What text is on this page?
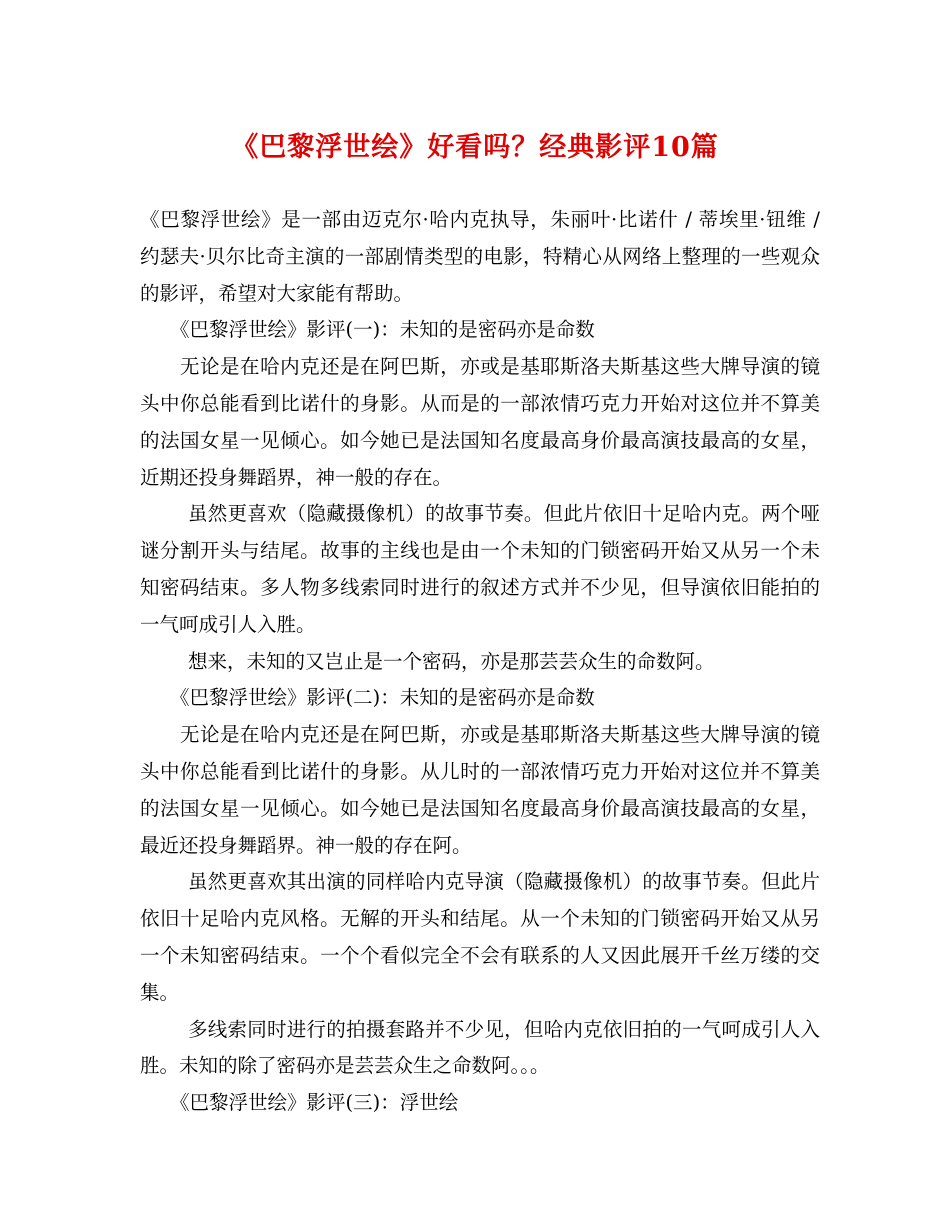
《巴黎浮世绘》好看吗？经典影评10篇

《巴黎浮世绘》是一部由迈克尔·哈内克执导，朱丽叶·比诺什 / 蒂埃里·钮维 / 约瑟夫·贝尔比奇主演的一部剧情类型的电影，特精心从网络上整理的一些观众的影评，希望对大家能有帮助。

《巴黎浮世绘》影评(一)：未知的是密码亦是命数

无论是在哈内克还是在阿巴斯，亦或是基耶斯洛夫斯基这些大牌导演的镜头中你总能看到比诺什的身影。从而是的一部浓情巧克力开始对这位并不算美的法国女星一见倾心。如今她已是法国知名度最高身价最高演技最高的女星，近期还投身舞蹈界，神一般的存在。

虽然更喜欢（隐藏摄像机）的故事节奏。但此片依旧十足哈内克。两个哑谜分割开头与结尾。故事的主线也是由一个未知的门锁密码开始又从另一个未知密码结束。多人物多线索同时进行的叙述方式并不少见，但导演依旧能拍的一气呵成引人入胜。

想来，未知的又岂止是一个密码，亦是那芸芸众生的命数阿。

《巴黎浮世绘》影评(二)：未知的是密码亦是命数

无论是在哈内克还是在阿巴斯，亦或是基耶斯洛夫斯基这些大牌导演的镜头中你总能看到比诺什的身影。从儿时的一部浓情巧克力开始对这位并不算美的法国女星一见倾心。如今她已是法国知名度最高身价最高演技最高的女星，最近还投身舞蹈界。神一般的存在阿。

虽然更喜欢其出演的同样哈内克导演（隐藏摄像机）的故事节奏。但此片依旧十足哈内克风格。无解的开头和结尾。从一个未知的门锁密码开始又从另一个未知密码结束。一个个看似完全不会有联系的人又因此展开千丝万缕的交集。

多线索同时进行的拍摄套路并不少见，但哈内克依旧拍的一气呵成引人入胜。未知的除了密码亦是芸芸众生之命数阿。。。

《巴黎浮世绘》影评(三)：浮世绘
